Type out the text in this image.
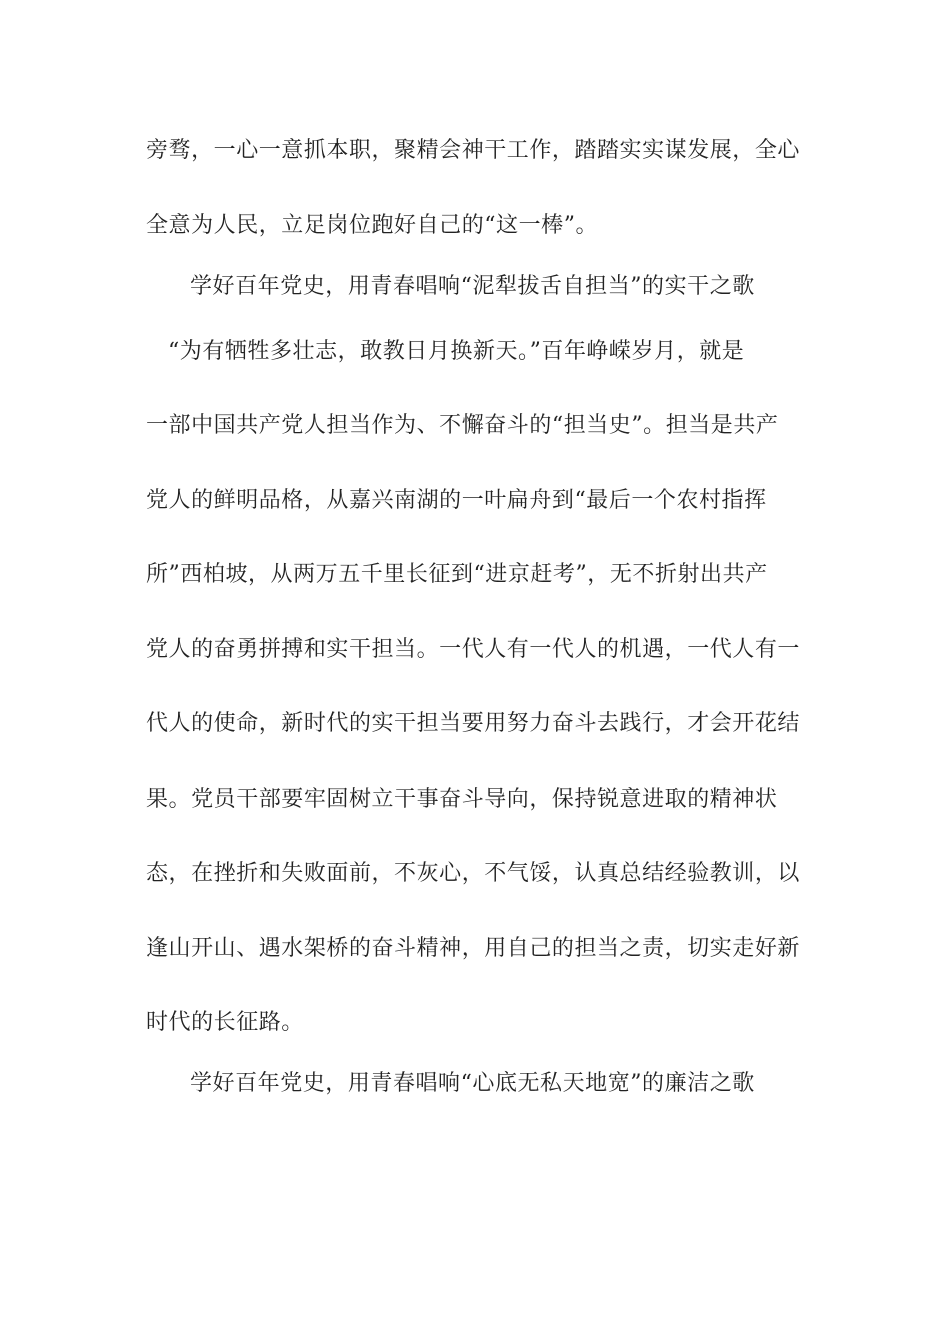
旁骛，一心一意抓本职，聚精会神干工作，踏踏实实谋发展，全心
全意为人民，立足岗位跑好自己的“这一棒”。
学好百年党史，用青春唱响“泥犁拔舌自担当”的实干之歌
“为有牺牲多壮志，敢教日月换新天。”百年峥嵘岁月，就是
一部中国共产党人担当作为、不懈奋斗的“担当史”。担当是共产
党人的鲜明品格，从嘉兴南湖的一叶扁舟到“最后一个农村指挥
所”西柏坡，从两万五千里长征到“进京赶考”，无不折射出共产
党人的奋勇拼搏和实干担当。一代人有一代人的机遇，一代人有一
代人的使命，新时代的实干担当要用努力奋斗去践行，才会开花结
果。党员干部要牢固树立干事奋斗导向，保持锐意进取的精神状
态，在挫折和失败面前，不灰心，不气馁，认真总结经验教训，以
逢山开山、遇水架桥的奋斗精神，用自己的担当之责，切实走好新
时代的长征路。
学好百年党史，用青春唱响“心底无私天地宽”的廉洁之歌
